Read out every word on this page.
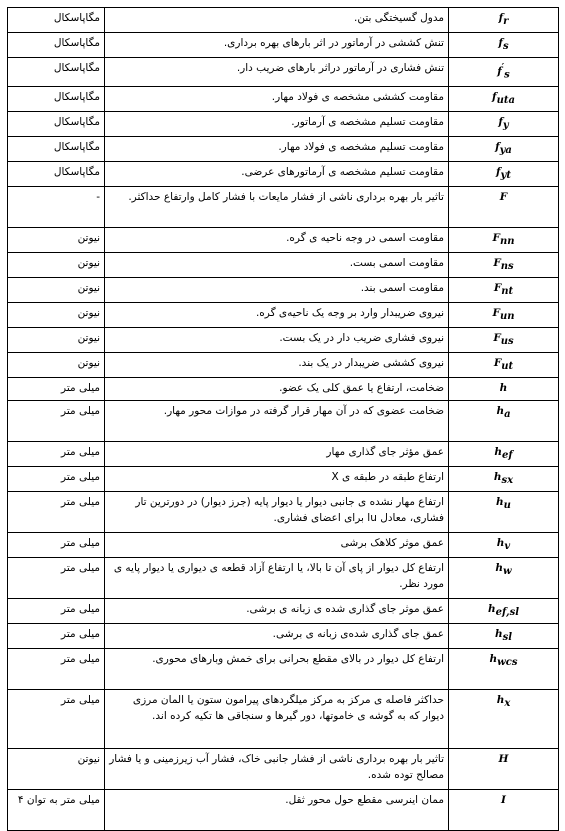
مگاپاسکال	مدول گسیختگی بتن.	$f_r$
مگاپاسکال	تنش کششی در آرماتور در اثر بارهای بهره برداری.	$f_s$
مگاپاسکال	تنش فشاری در آرماتور دراثر بارهای ضریب دار.	$f'_s$
مگاپاسکال	مقاومت کششی مشخصه ی فولاد مهار.	$f_{uta}$
مگاپاسکال	مقاومت تسلیم مشخصه ی آرماتور.	$f_y$
مگاپاسکال	مقاومت تسلیم مشخصه ی فولاد مهار.	$f_{ya}$
مگاپاسکال	مقاومت تسلیم مشخصه ی آرماتورهای عرضی.	$f_{yt}$
-	تاثیر بار بهره برداری ناشی از فشار مایعات با فشار کامل وارتفاع حداکثر.	F
نیوتن	مقاومت اسمی در وجه ناحیه ی گره.	$F_{nn}$
نیوتن	مقاومت اسمی بست.	$F_{ns}$
نیوتن	مقاومت اسمی بند.	$F_{nt}$
نیوتن	نیروی ضریبدار وارد بر وجه یک ناحیه‌ی گره.	$F_{un}$
نیوتن	نیروی فشاری ضریب دار در یک بست.	$F_{us}$
نیوتن	نیروی کششی ضریبدار در یک بند.	$F_{ut}$
میلی متر	ضخامت، ارتفاع یا عمق کلی یک عضو.	h
میلی متر	ضخامت عضوی که در آن مهار قرار گرفته در موازات محور مهار.	$h_a$
میلی متر	عمق مؤثر جای گذاری مهار	$h_{ef}$
میلی متر	ارتفاع طبقه در طبقه ی X	$h_{sx}$
میلی متر	ارتفاع مهار نشده ی جانبی دیوار یا دیوار پایه (جرز دیوار) در دورترین تار فشاری، معادل lu برای اعضای فشاری.	$h_u$
میلی متر	عمق موثر کلاهک برشی	$h_v$
میلی متر	ارتفاع کل دیوار از پای آن تا بالا، یا ارتفاع آزاد قطعه ی دیواری یا دیوار پایه ی مورد نظر.	$h_w$
میلی متر	عمق موثر جای گذاری شده ی زبانه ی برشی.	$h_{ef,sl}$
میلی متر	عمق جای گذاری شده‌ی زبانه ی برشی.	$h_{sl}$
میلی متر	ارتفاع کل دیوار در بالای مقطع بحرانی برای خمش وبارهای محوری.	$h_{wcs}$
میلی متر	حداکثر فاصله ی مرکز به مرکز میلگردهای پیرامون ستون یا المان مرزی دیوار که به گوشه ی خاموتها، دور گیرها و سنجاقی ها تکیه کرده اند.	$h_x$
نیوتن	تاثیر بار بهره برداری ناشی از فشار جانبی خاک، فشار آب زیرزمینی و یا فشار مصالح توده شده.	H
میلی متر به توان ۴	ممان اینرسی مقطع حول محور ثقل.	I
